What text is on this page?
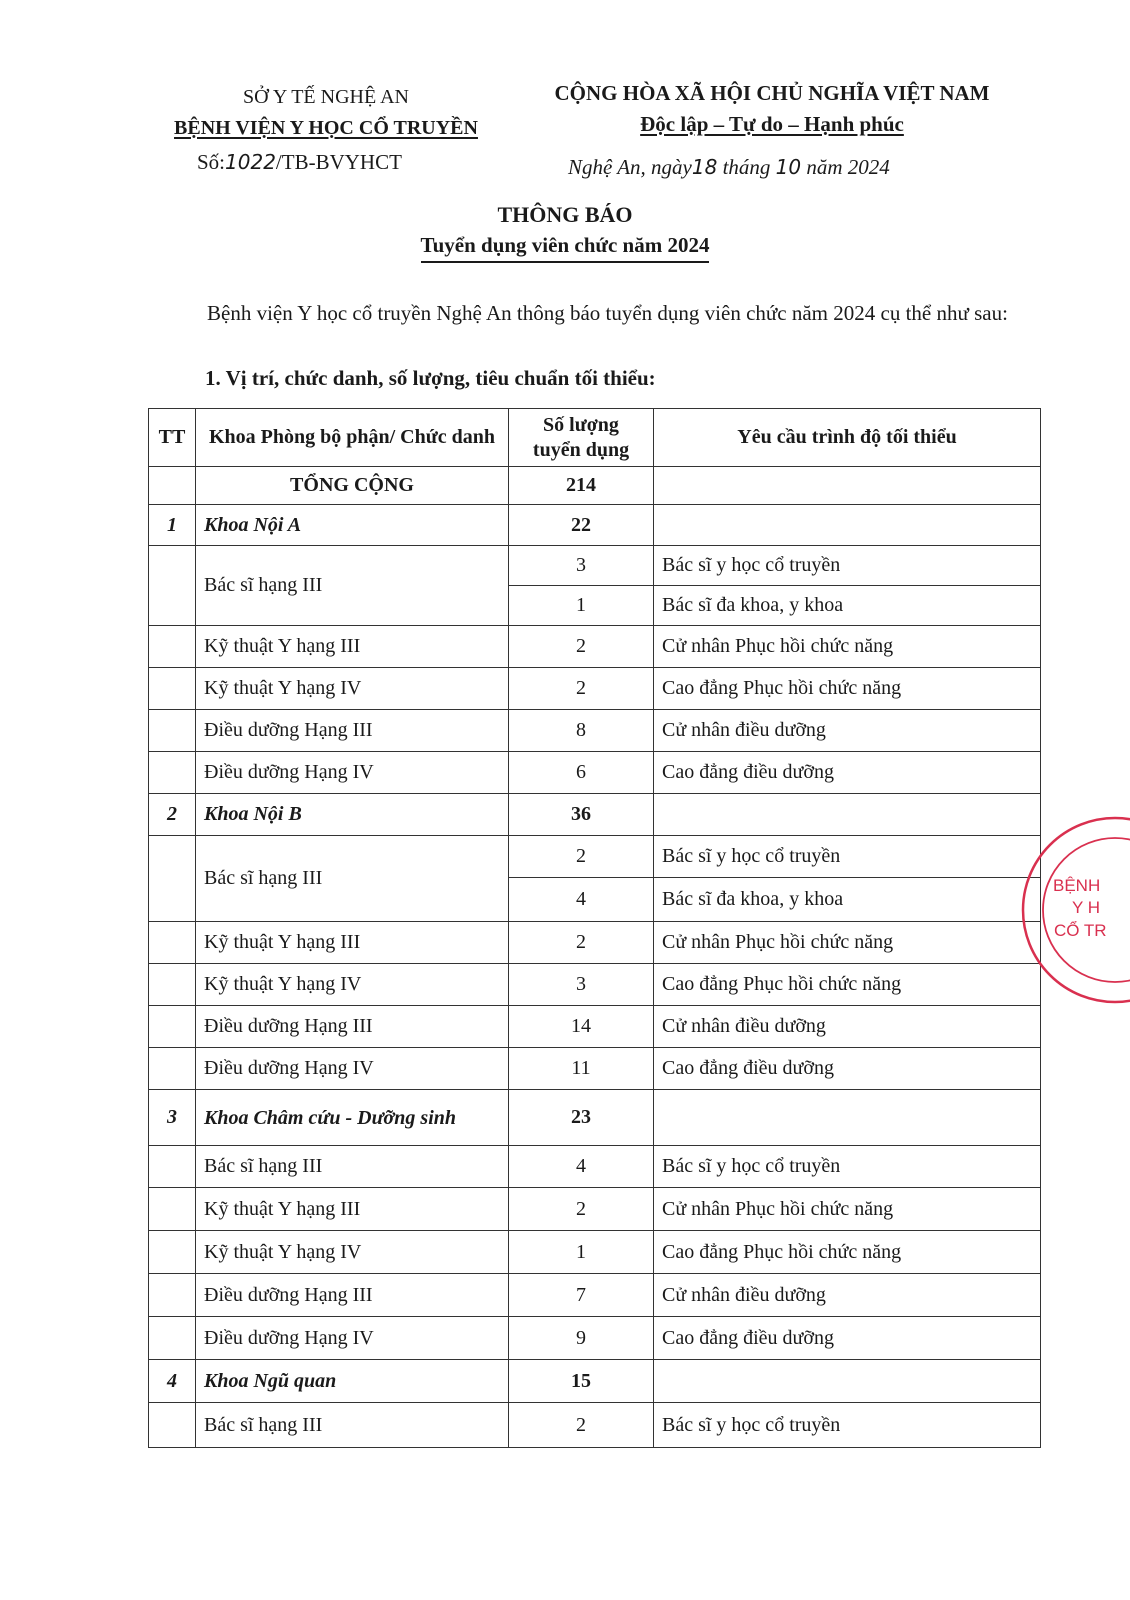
SỞ Y TẾ NGHỆ AN
BỆNH VIỆN Y HỌC CỔ TRUYỀN
Số:1022/TB-BVYHCT
CỘNG HÒA XÃ HỘI CHỦ NGHĨA VIỆT NAM
Độc lập – Tự do – Hạnh phúc
Nghệ An, ngày18 tháng 10 năm 2024
THÔNG BÁO
Tuyển dụng viên chức năm 2024
Bệnh viện Y học cổ truyền Nghệ An thông báo tuyển dụng viên chức năm 2024 cụ thể như sau:
1. Vị trí, chức danh, số lượng, tiêu chuẩn tối thiểu:
TT	Khoa Phòng bộ phận/ Chức danh	Số lượng tuyển dụng	Yêu cầu trình độ tối thiểu
	TỔNG CỘNG	214	
1	Khoa Nội A	22	
	Bác sĩ hạng III	3	Bác sĩ y học cổ truyền
		1	Bác sĩ đa khoa, y khoa
	Kỹ thuật Y hạng III	2	Cử nhân Phục hồi chức năng
	Kỹ thuật Y hạng IV	2	Cao đẳng Phục hồi chức năng
	Điều dưỡng Hạng III	8	Cử nhân điều dưỡng
	Điều dưỡng Hạng IV	6	Cao đẳng điều dưỡng
2	Khoa Nội B	36	
	Bác sĩ hạng III	2	Bác sĩ y học cổ truyền
		4	Bác sĩ đa khoa, y khoa
	Kỹ thuật Y hạng III	2	Cử nhân Phục hồi chức năng
	Kỹ thuật Y hạng IV	3	Cao đẳng Phục hồi chức năng
	Điều dưỡng Hạng III	14	Cử nhân điều dưỡng
	Điều dưỡng Hạng IV	11	Cao đẳng điều dưỡng
3	Khoa Châm cứu - Dưỡng sinh	23	
	Bác sĩ hạng III	4	Bác sĩ y học cổ truyền
	Kỹ thuật Y hạng III	2	Cử nhân Phục hồi chức năng
	Kỹ thuật Y hạng IV	1	Cao đẳng Phục hồi chức năng
	Điều dưỡng Hạng III	7	Cử nhân điều dưỡng
	Điều dưỡng Hạng IV	9	Cao đẳng điều dưỡng
4	Khoa Ngũ quan	15	
	Bác sĩ hạng III	2	Bác sĩ y học cổ truyền
BỆNH
Y H
CỔ TR
